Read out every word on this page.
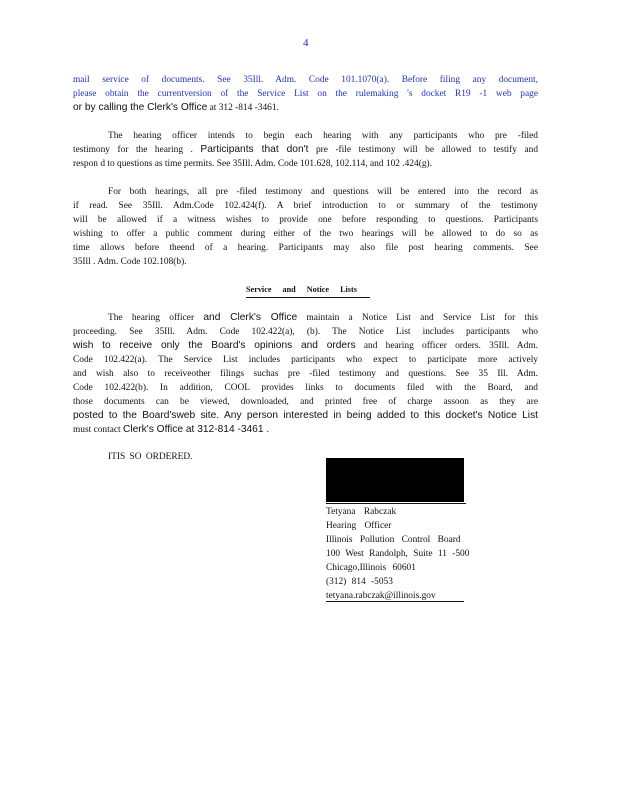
4
mail service of documents. See 35Ill. Adm. Code 101.1070(a). Before filing any document,
please obtain the currentversion of the Service List on the rulemaking 's docket R19 -1 web page
or by calling the Clerk's Office at 312 -814 -3461.
The hearing officer intends to begin each hearing with any participants who pre -filed
testimony for the hearing . Participants that don't pre -file testimony will be allowed to testify and
respon d to questions as time permits. See 35Ill. Adm. Code 101.628, 102.114, and 102 .424(g).
For both hearings, all pre -filed testimony and questions will be entered into the record as
if read. See 35Ill. Adm.Code 102.424(f). A brief introduction to or summary of the testimony
will be allowed if a witness wishes to provide one before responding to questions. Participants
wishing to offer a public comment during either of the two hearings will be allowed to do so as
time allows before theend of a hearing. Participants may also file post hearing comments. See
35Ill . Adm. Code 102.108(b).
Service and Notice Lists
The hearing officer and Clerk's Office maintain a Notice List and Service List for this
proceeding. See 35Ill. Adm. Code 102.422(a), (b). The Notice List includes participants who
wish to receive only the Board's opinions and orders and hearing officer orders. 35Ill. Adm.
Code 102.422(a). The Service List includes participants who expect to participate more actively
and wish also to receiveother filings suchas pre -filed testimony and questions. See 35 Ill. Adm.
Code 102.422(b). In addition, COOL provides links to documents filed with the Board, and
those documents can be viewed, downloaded, and printed free of charge assoon as they are
posted to the Board'sweb site. Any person interested in being added to this docket's Notice List
must contact Clerk's Office at 312-814 -3461 .
ITIS SO ORDERED.
Tetyana Rabczak
Hearing Officer
Illinois Pollution Control Board
100 West Randolph, Suite 11 -500
Chicago,Illinois 60601
(312) 814 -5053
tetyana.rabczak@illinois.gov
